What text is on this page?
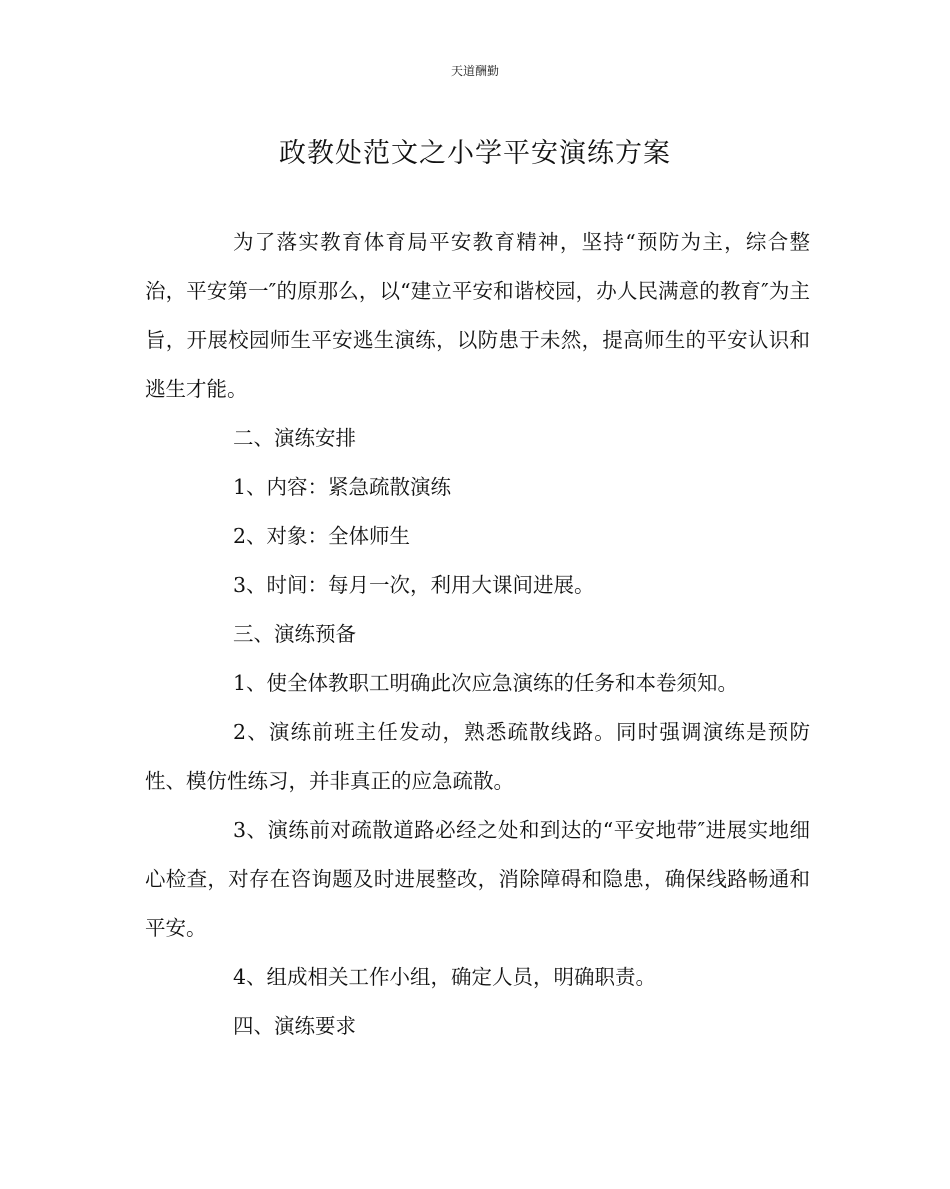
天道酬勤
政教处范文之小学平安演练方案

为了落实教育体育局平安教育精神，坚持“预防为主，综合整治，平安第一″的原那么，以“建立平安和谐校园，办人民满意的教育″为主旨，开展校园师生平安逃生演练，以防患于未然，提高师生的平安认识和逃生才能。

二、演练安排

1、内容：紧急疏散演练

2、对象：全体师生

3、时间：每月一次，利用大课间进展。

三、演练预备

1、使全体教职工明确此次应急演练的任务和本卷须知。

2、演练前班主任发动，熟悉疏散线路。同时强调演练是预防性、模仿性练习，并非真正的应急疏散。

3、演练前对疏散道路必经之处和到达的“平安地带″进展实地细心检查，对存在咨询题及时进展整改，消除障碍和隐患，确保线路畅通和平安。

4、组成相关工作小组，确定人员，明确职责。

四、演练要求
